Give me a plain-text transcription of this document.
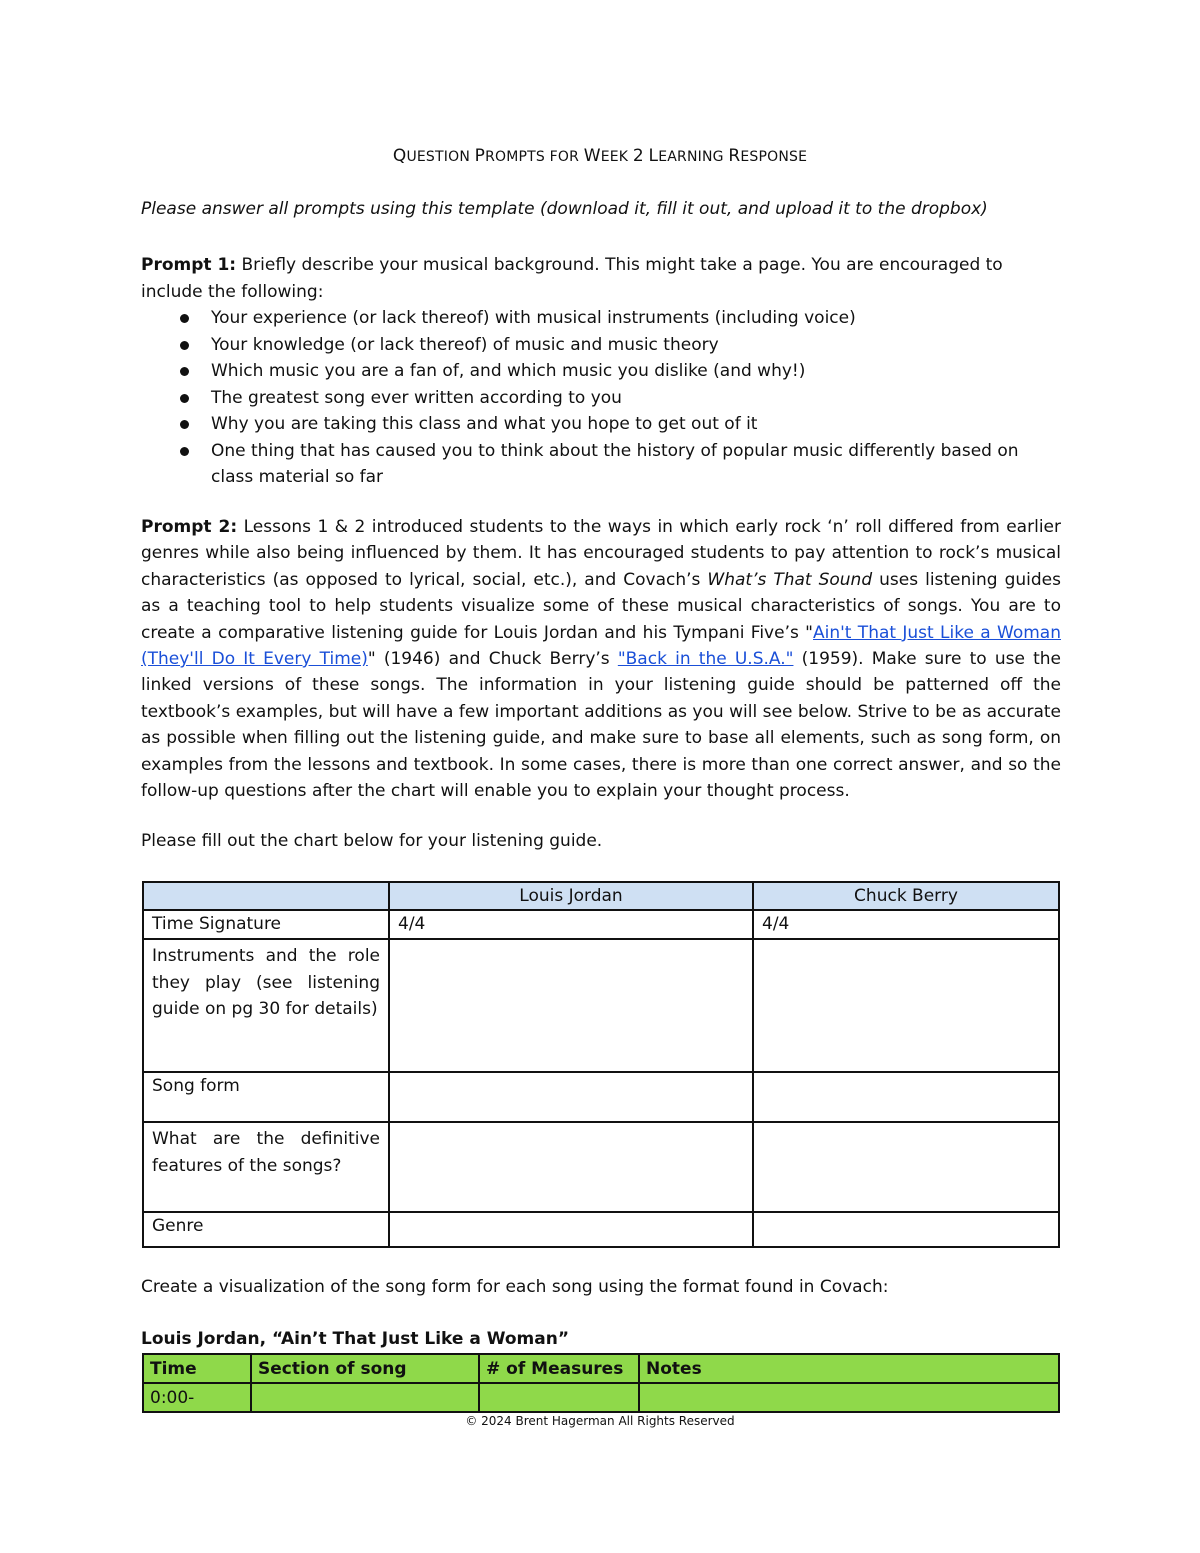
QUESTION PROMPTS FOR WEEK 2 LEARNING RESPONSE
Please answer all prompts using this template (download it, fill it out, and upload it to the dropbox)
Prompt 1: Briefly describe your musical background. This might take a page. You are encouraged to include the following:
Your experience (or lack thereof) with musical instruments (including voice)
Your knowledge (or lack thereof) of music and music theory
Which music you are a fan of, and which music you dislike (and why!)
The greatest song ever written according to you
Why you are taking this class and what you hope to get out of it
One thing that has caused you to think about the history of popular music differently based on class material so far
Prompt 2: Lessons 1 & 2 introduced students to the ways in which early rock ‘n’ roll differed from earlier genres while also being influenced by them. It has encouraged students to pay attention to rock’s musical characteristics (as opposed to lyrical, social, etc.), and Covach’s What’s That Sound uses listening guides as a teaching tool to help students visualize some of these musical characteristics of songs. You are to create a comparative listening guide for Louis Jordan and his Tympani Five’s "Ain't That Just Like a Woman (They'll Do It Every Time)" (1946) and Chuck Berry’s "Back in the U.S.A." (1959). Make sure to use the linked versions of these songs. The information in your listening guide should be patterned off the textbook’s examples, but will have a few important additions as you will see below. Strive to be as accurate as possible when filling out the listening guide, and make sure to base all elements, such as song form, on examples from the lessons and textbook. In some cases, there is more than one correct answer, and so the follow-up questions after the chart will enable you to explain your thought process.
Please fill out the chart below for your listening guide.
	Louis Jordan	Chuck Berry
Time Signature	4/4	4/4
Instruments and the role they play (see listening guide on pg 30 for details)		
Song form		
What are the definitive features of the songs?		
Genre		
Create a visualization of the song form for each song using the format found in Covach:
Louis Jordan, “Ain’t That Just Like a Woman”
Time	Section of song	# of Measures	Notes
0:00-			
© 2024 Brent Hagerman All Rights Reserved
